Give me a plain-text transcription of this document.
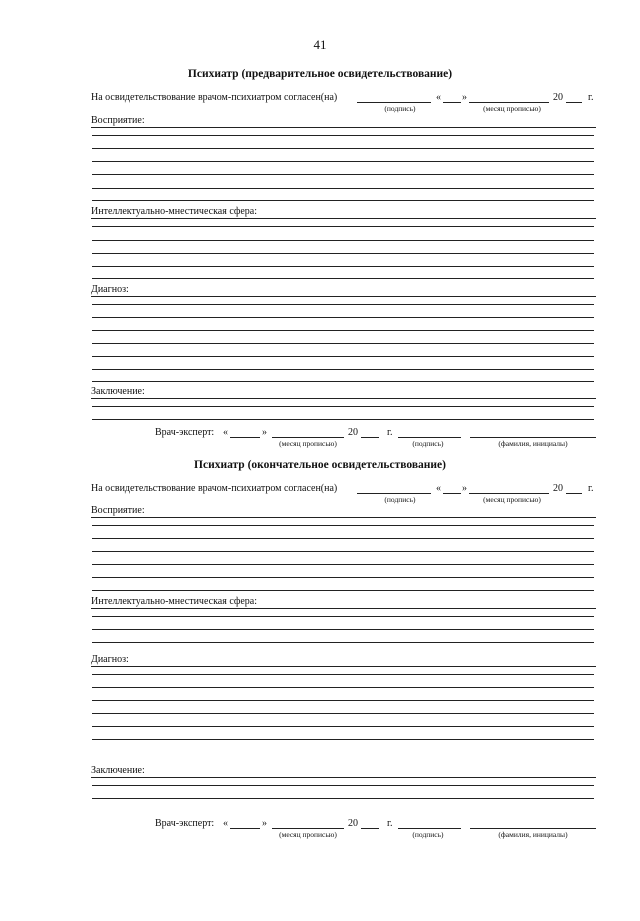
41
Психиатр (предварительное освидетельствование)
На освидетельствование врачом-психиатром согласен(на)	« »	20	г.
(подпись)	(месяц прописью)
Восприятие:
Интеллектуально-мнестическая сфера:
Диагноз:
Заключение:
Врач-эксперт: «	»	20	г.
(месяц прописью)	(подпись)	(фамилия, инициалы)
Психиатр (окончательное освидетельствование)
На освидетельствование врачом-психиатром согласен(на)	« »	20	г.
(подпись)	(месяц прописью)
Восприятие:
Интеллектуально-мнестическая сфера:
Диагноз:
Заключение:
Врач-эксперт: «	»	20	г.
(месяц прописью)	(подпись)	(фамилия, инициалы)
